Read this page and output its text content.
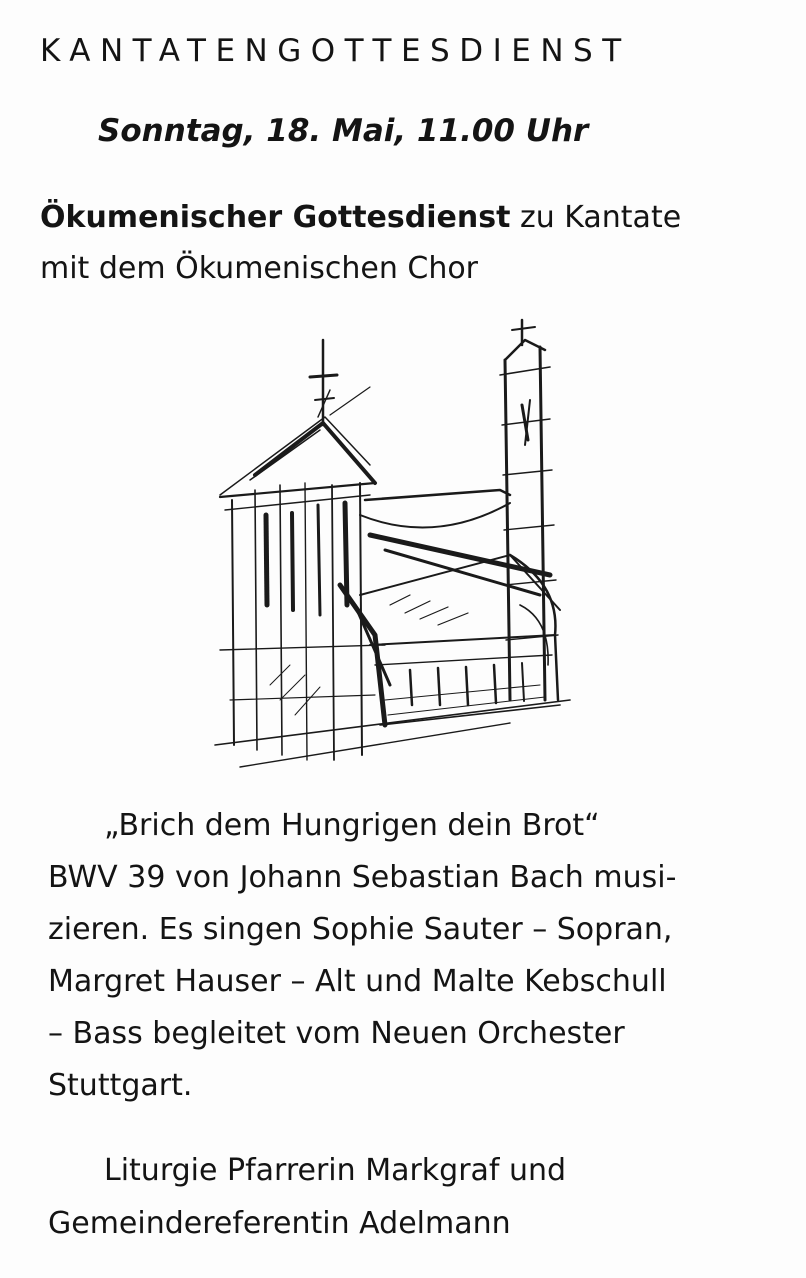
KANTATENGOTTESDIENST
Sonntag, 18. Mai, 11.00 Uhr
Ökumenischer Gottesdienst zu Kantate
mit dem Ökumenischen Chor
„Brich dem Hungrigen dein Brot“
BWV 39 von Johann Sebastian Bach musi-
zieren. Es singen Sophie Sauter – Sopran,
Margret Hauser – Alt und Malte Kebschull
– Bass begleitet vom Neuen Orchester
Stuttgart.
Liturgie Pfarrerin Markgraf und
Gemeindereferentin Adelmann
